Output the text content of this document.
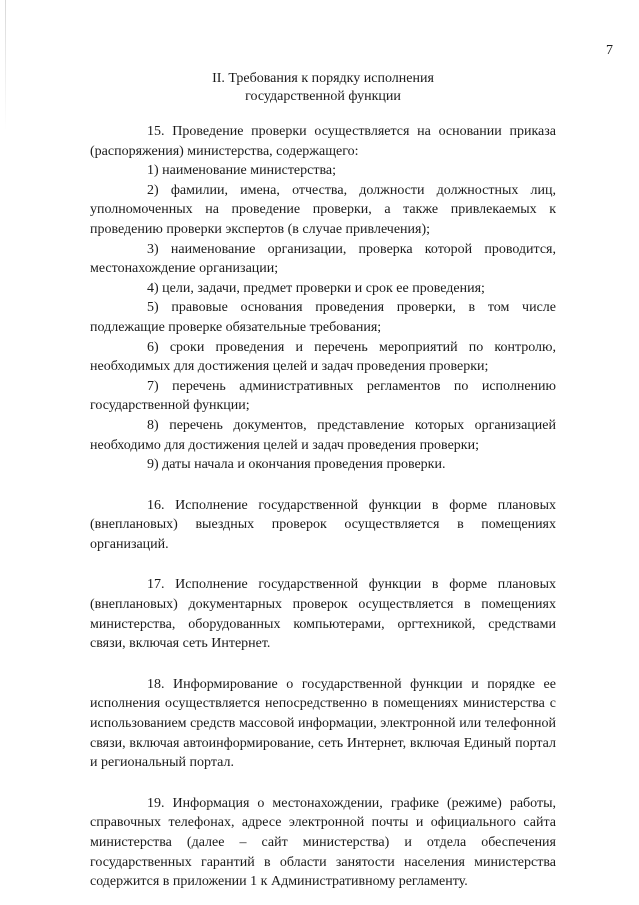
7
II. Требования к порядку исполнения
государственной функции

15. Проведение проверки осуществляется на основании приказа (распоряжения) министерства, содержащего:

1) наименование министерства;

2) фамилии, имена, отчества, должности должностных лиц, уполномоченных на проведение проверки, а также привлекаемых к проведению проверки экспертов (в случае привлечения);

3) наименование организации, проверка которой проводится, местонахождение организации;

4) цели, задачи, предмет проверки и срок ее проведения;

5) правовые основания проведения проверки, в том числе подлежащие проверке обязательные требования;

6) сроки проведения и перечень мероприятий по контролю, необходимых для достижения целей и задач проведения проверки;

7) перечень административных регламентов по исполнению государственной функции;

8) перечень документов, представление которых организацией необходимо для достижения целей и задач проведения проверки;

9) даты начала и окончания проведения проверки.

16. Исполнение государственной функции в форме плановых (внеплановых) выездных проверок осуществляется в помещениях организаций.

17. Исполнение государственной функции в форме плановых (внеплановых) документарных проверок осуществляется в помещениях министерства, оборудованных компьютерами, оргтехникой, средствами связи, включая сеть Интернет.

18. Информирование о государственной функции и порядке ее исполнения осуществляется непосредственно в помещениях министерства с использованием средств массовой информации, электронной или телефонной связи, включая автоинформирование, сеть Интернет, включая Единый портал и региональный портал.

19. Информация о местонахождении, графике (режиме) работы, справочных телефонах, адресе электронной почты и официального сайта министерства (далее – сайт министерства) и отдела обеспечения государственных гарантий в области занятости населения министерства содержится в приложении 1 к Административному регламенту.
